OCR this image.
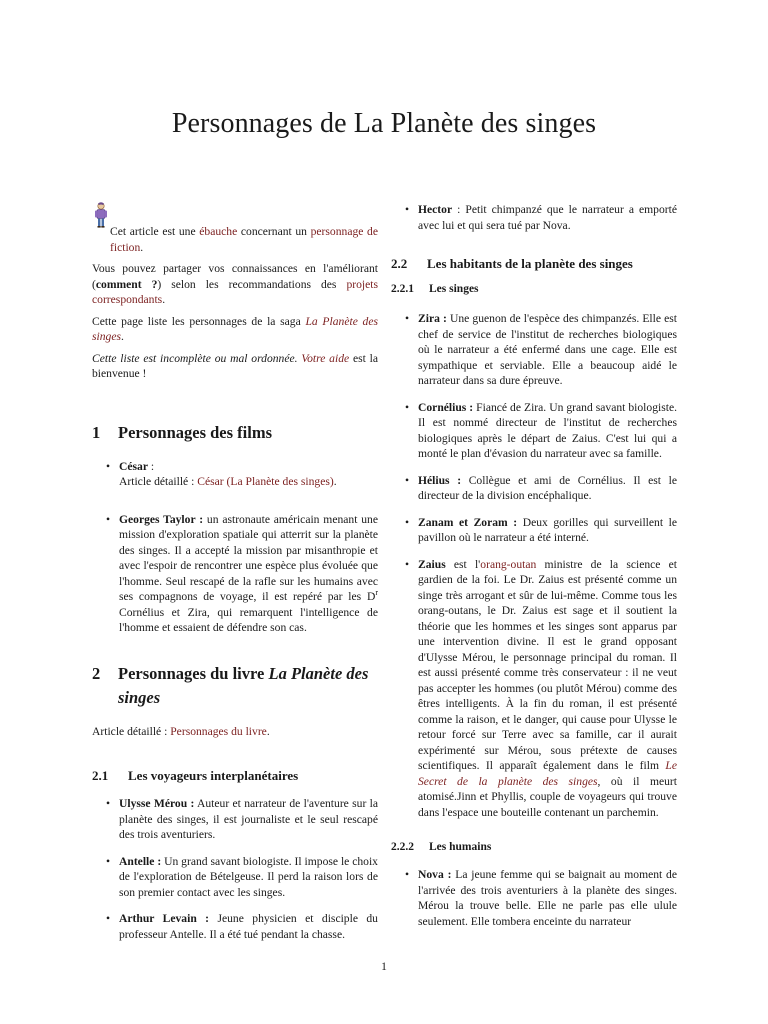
Personnages de La Planète des singes

Cet article est une ébauche concernant un personnage de fiction.

Vous pouvez partager vos connaissances en l'améliorant (comment ?) selon les recommandations des projets correspondants.

Cette page liste les personnages de la saga La Planète des singes.

Cette liste est incomplète ou mal ordonnée. Votre aide est la bienvenue !

1 Personnages des films
• César :
Article détaillé : César (La Planète des singes).
• Georges Taylor : un astronaute américain menant une mission d'exploration spatiale qui atterrit sur la planète des singes. Il a accepté la mission par misanthropie et avec l'espoir de rencontrer une espèce plus évoluée que l'homme. Seul rescapé de la rafle sur les humains avec ses compagnons de voyage, il est repéré par les $D^r$ Cornélius et Zira, qui remarquent l'intelligence de l'homme et essaient de défendre son cas.
2 Personnages du livre La Planète des singes

Article détaillé : Personnages du livre.

2.1 Les voyageurs interplanétaires
• Ulysse Mérou : Auteur et narrateur de l'aventure sur la planète des singes, il est journaliste et le seul rescapé des trois aventuriers.
• Antelle : Un grand savant biologiste. Il impose le choix de l'exploration de Bételgeuse. Il perd la raison lors de son premier contact avec les singes.
• Arthur Levain : Jeune physicien et disciple du professeur Antelle. Il a été tué pendant la chasse.
• Hector : Petit chimpanzé que le narrateur a emporté avec lui et qui sera tué par Nova.
2.2 Les habitants de la planète des singes
2.2.1 Les singes
• Zira : Une guenon de l'espèce des chimpanzés. Elle est chef de service de l'institut de recherches biologiques où le narrateur a été enfermé dans une cage. Elle est sympathique et serviable. Elle a beaucoup aidé le narrateur dans sa dure épreuve.
• Cornélius : Fiancé de Zira. Un grand savant biologiste. Il est nommé directeur de l'institut de recherches biologiques après le départ de Zaius. C'est lui qui a monté le plan d'évasion du narrateur avec sa famille.
• Hélius : Collègue et ami de Cornélius. Il est le directeur de la division encéphalique.
• Zanam et Zoram : Deux gorilles qui surveillent le pavillon où le narrateur a été interné.
• Zaius est l'orang-outan ministre de la science et gardien de la foi. Le Dr. Zaius est présenté comme un singe très arrogant et sûr de lui-même. Comme tous les orang-outans, le Dr. Zaius est sage et il soutient la théorie que les hommes et les singes sont apparus par une intervention divine. Il est le grand opposant d'Ulysse Mérou, le personnage principal du roman. Il est aussi présenté comme très conservateur : il ne veut pas accepter les hommes (ou plutôt Mérou) comme des êtres intelligents. À la fin du roman, il est présenté comme la raison, et le danger, qui cause pour Ulysse le retour forcé sur Terre avec sa famille, car il aurait expérimenté sur Mérou, sous prétexte de causes scientifiques. Il apparaît également dans le film Le Secret de la planète des singes, où il meurt atomisé.Jinn et Phyllis, couple de voyageurs qui trouve dans l'espace une bouteille contenant un parchemin.
2.2.2 Les humains
• Nova : La jeune femme qui se baignait au moment de l'arrivée des trois aventuriers à la planète des singes. Mérou la trouve belle. Elle ne parle pas elle ulule seulement. Elle tombera enceinte du narrateur
1
